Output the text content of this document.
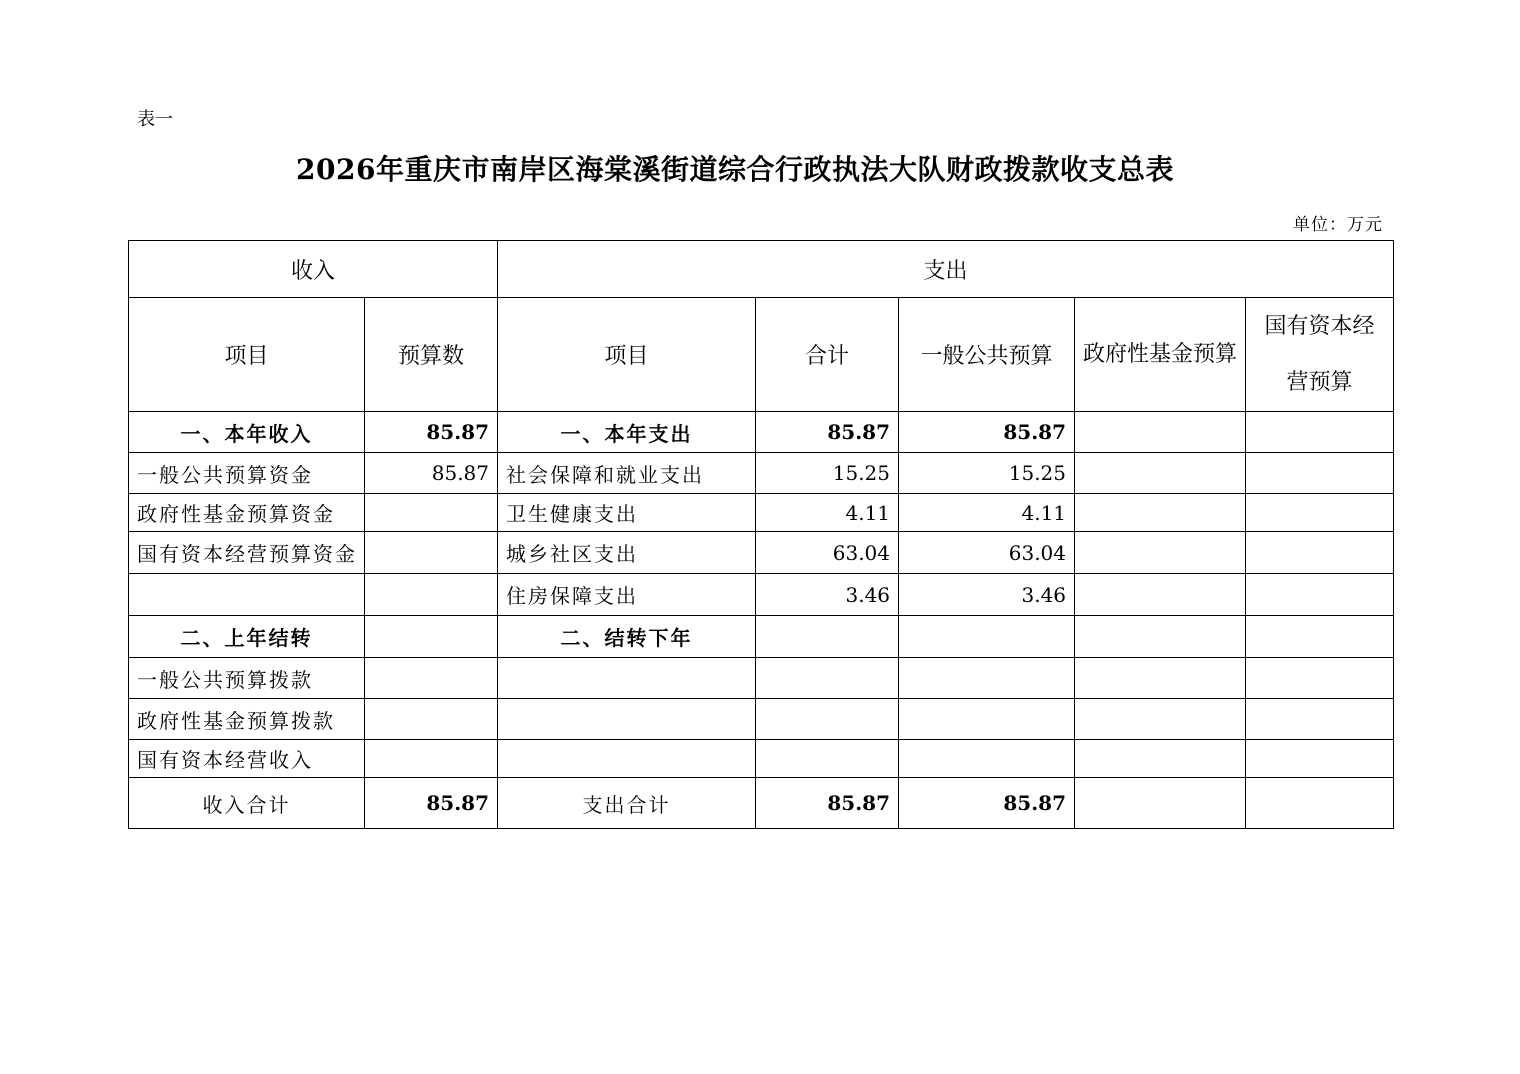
表一
2026年重庆市南岸区海棠溪街道综合行政执法大队财政拨款收支总表
单位：万元
收入		支出				
项目	预算数	项目	合计	一般公共预算	政府性基金预算	国有资本经营预算
一、本年收入	85.87	一、本年支出	85.87	85.87		
一般公共预算资金	85.87	社会保障和就业支出	15.25	15.25		
政府性基金预算资金		卫生健康支出	4.11	4.11		
国有资本经营预算资金		城乡社区支出	63.04	63.04		
		住房保障支出	3.46	3.46		
二、上年结转		二、结转下年				
一般公共预算拨款						
政府性基金预算拨款						
国有资本经营收入						
收入合计	85.87	支出合计	85.87	85.87		
